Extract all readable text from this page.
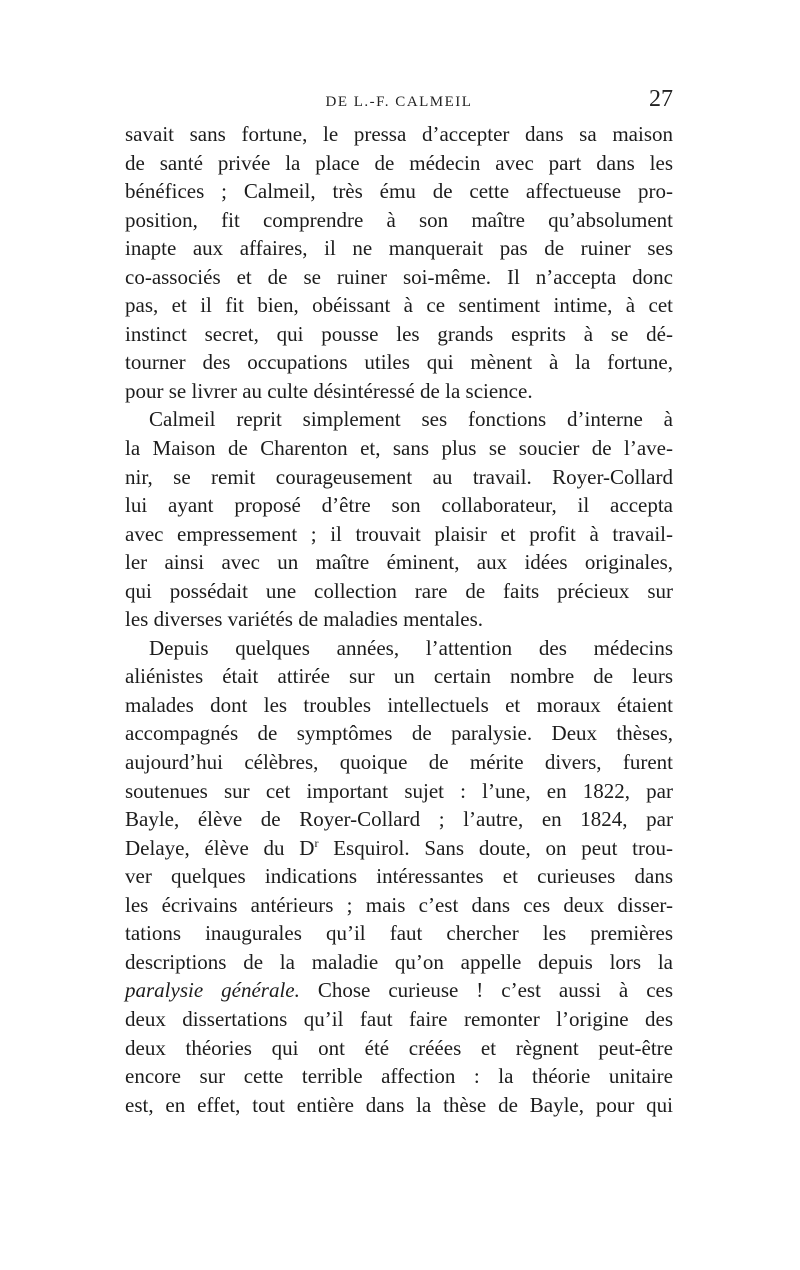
DE L.-F. CALMEIL	27
savait sans fortune, le pressa d’accepter dans sa maison
de santé privée la place de médecin avec part dans les
bénéfices ; Calmeil, très ému de cette affectueuse pro-
position, fit comprendre à son maître qu’absolument
inapte aux affaires, il ne manquerait pas de ruiner ses
co-associés et de se ruiner soi-même. Il n’accepta donc
pas, et il fit bien, obéissant à ce sentiment intime, à cet
instinct secret, qui pousse les grands esprits à se dé-
tourner des occupations utiles qui mènent à la fortune,
pour se livrer au culte désintéressé de la science.
Calmeil reprit simplement ses fonctions d’interne à
la Maison de Charenton et, sans plus se soucier de l’ave-
nir, se remit courageusement au travail. Royer-Collard
lui ayant proposé d’être son collaborateur, il accepta
avec empressement ; il trouvait plaisir et profit à travail-
ler ainsi avec un maître éminent, aux idées originales,
qui possédait une collection rare de faits précieux sur
les diverses variétés de maladies mentales.
Depuis quelques années, l’attention des médecins
aliénistes était attirée sur un certain nombre de leurs
malades dont les troubles intellectuels et moraux étaient
accompagnés de symptômes de paralysie. Deux thèses,
aujourd’hui célèbres, quoique de mérite divers, furent
soutenues sur cet important sujet : l’une, en 1822, par
Bayle, élève de Royer-Collard ; l’autre, en 1824, par
Delaye, élève du $D^r$ Esquirol. Sans doute, on peut trou-
ver quelques indications intéressantes et curieuses dans
les écrivains antérieurs ; mais c’est dans ces deux disser-
tations inaugurales qu’il faut chercher les premières
descriptions de la maladie qu’on appelle depuis lors la
paralysie générale. Chose curieuse ! c’est aussi à ces
deux dissertations qu’il faut faire remonter l’origine des
deux théories qui ont été créées et règnent peut-être
encore sur cette terrible affection : la théorie unitaire
est, en effet, tout entière dans la thèse de Bayle, pour qui
